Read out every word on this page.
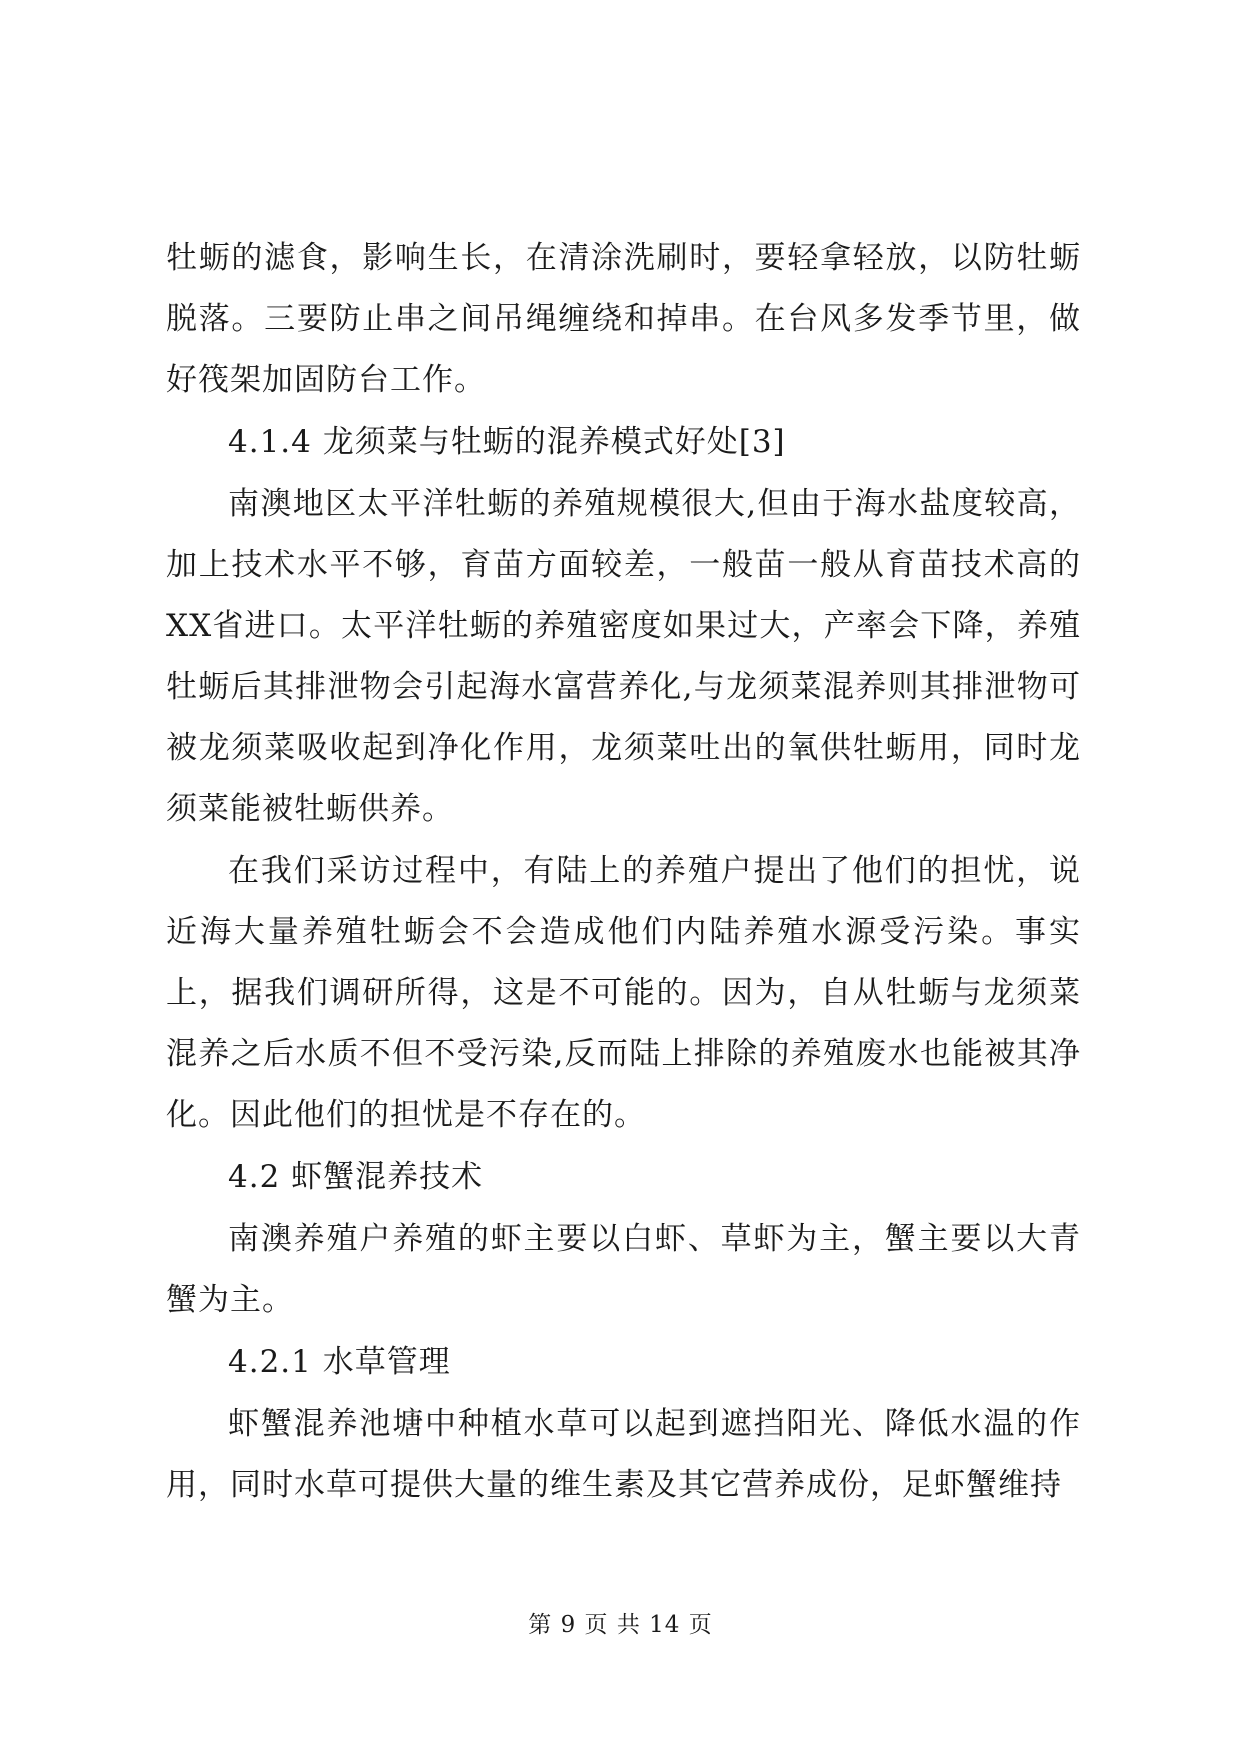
牡蛎的滤食，影响生长，在清涂洗刷时，要轻拿轻放，以防牡蛎脱落。三要防止串之间吊绳缠绕和掉串。在台风多发季节里，做好筏架加固防台工作。

4.1.4 龙须菜与牡蛎的混养模式好处[3]

南澳地区太平洋牡蛎的养殖规模很大,但由于海水盐度较高，加上技术水平不够，育苗方面较差，一般苗一般从育苗技术高的XX省进口。太平洋牡蛎的养殖密度如果过大，产率会下降，养殖牡蛎后其排泄物会引起海水富营养化,与龙须菜混养则其排泄物可被龙须菜吸收起到净化作用，龙须菜吐出的氧供牡蛎用，同时龙须菜能被牡蛎供养。

在我们采访过程中，有陆上的养殖户提出了他们的担忧，说近海大量养殖牡蛎会不会造成他们内陆养殖水源受污染。事实上，据我们调研所得，这是不可能的。因为，自从牡蛎与龙须菜混养之后水质不但不受污染,反而陆上排除的养殖废水也能被其净化。因此他们的担忧是不存在的。

4.2 虾蟹混养技术

南澳养殖户养殖的虾主要以白虾、草虾为主，蟹主要以大青蟹为主。

4.2.1 水草管理

虾蟹混养池塘中种植水草可以起到遮挡阳光、降低水温的作用，同时水草可提供大量的维生素及其它营养成份，足虾蟹维持

第 9 页 共 14 页
